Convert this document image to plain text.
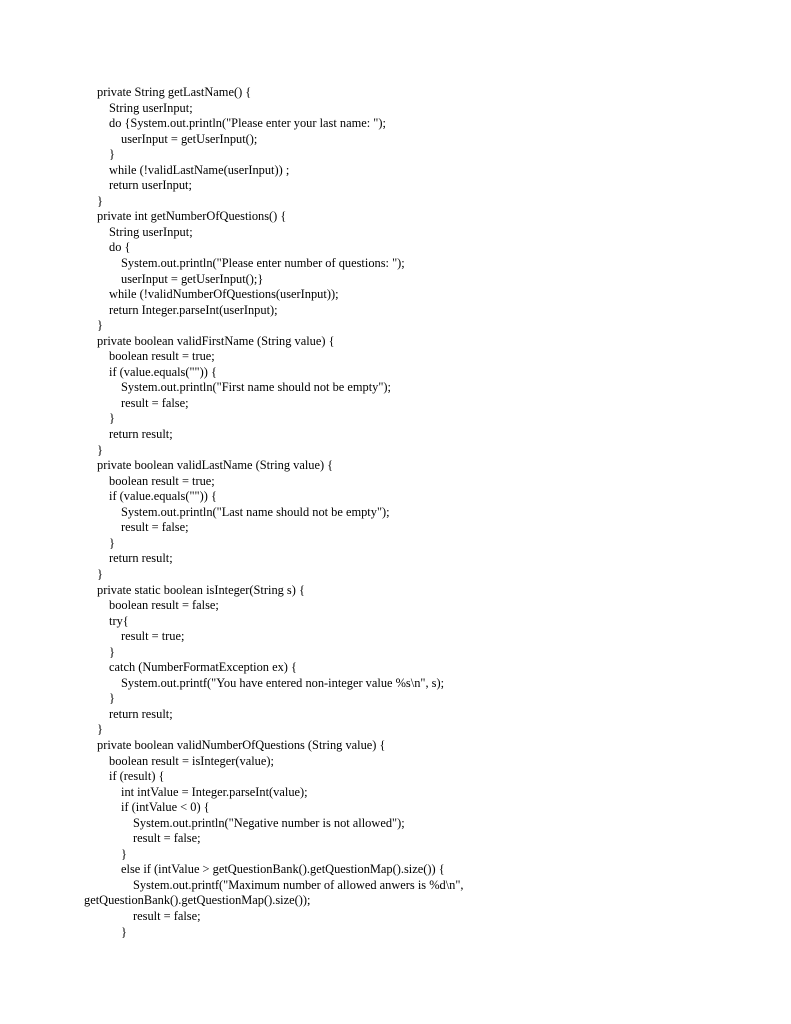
private String getLastName() {
String userInput;
do {System.out.println("Please enter your last name: ");
userInput = getUserInput();
}
while (!validLastName(userInput)) ;
return userInput;
}
private int getNumberOfQuestions() {
String userInput;
do {
System.out.println("Please enter number of questions: ");
userInput = getUserInput();}
while (!validNumberOfQuestions(userInput));
return Integer.parseInt(userInput);
}
private boolean validFirstName (String value) {
boolean result = true;
if (value.equals("")) {
System.out.println("First name should not be empty");
result = false;
}
return result;
}
private boolean validLastName (String value) {
boolean result = true;
if (value.equals("")) {
System.out.println("Last name should not be empty");
result = false;
}
return result;
}
private static boolean isInteger(String s) {
boolean result = false;
try{
result = true;
}
catch (NumberFormatException ex) {
System.out.printf("You have entered non-integer value %s\n", s);
}
return result;
}
private boolean validNumberOfQuestions (String value) {
boolean result = isInteger(value);
if (result) {
int intValue = Integer.parseInt(value);
if (intValue < 0) {
System.out.println("Negative number is not allowed");
result = false;
}
else if (intValue > getQuestionBank().getQuestionMap().size()) {
System.out.printf("Maximum number of allowed anwers is %d\n",
getQuestionBank().getQuestionMap().size());
result = false;
}
